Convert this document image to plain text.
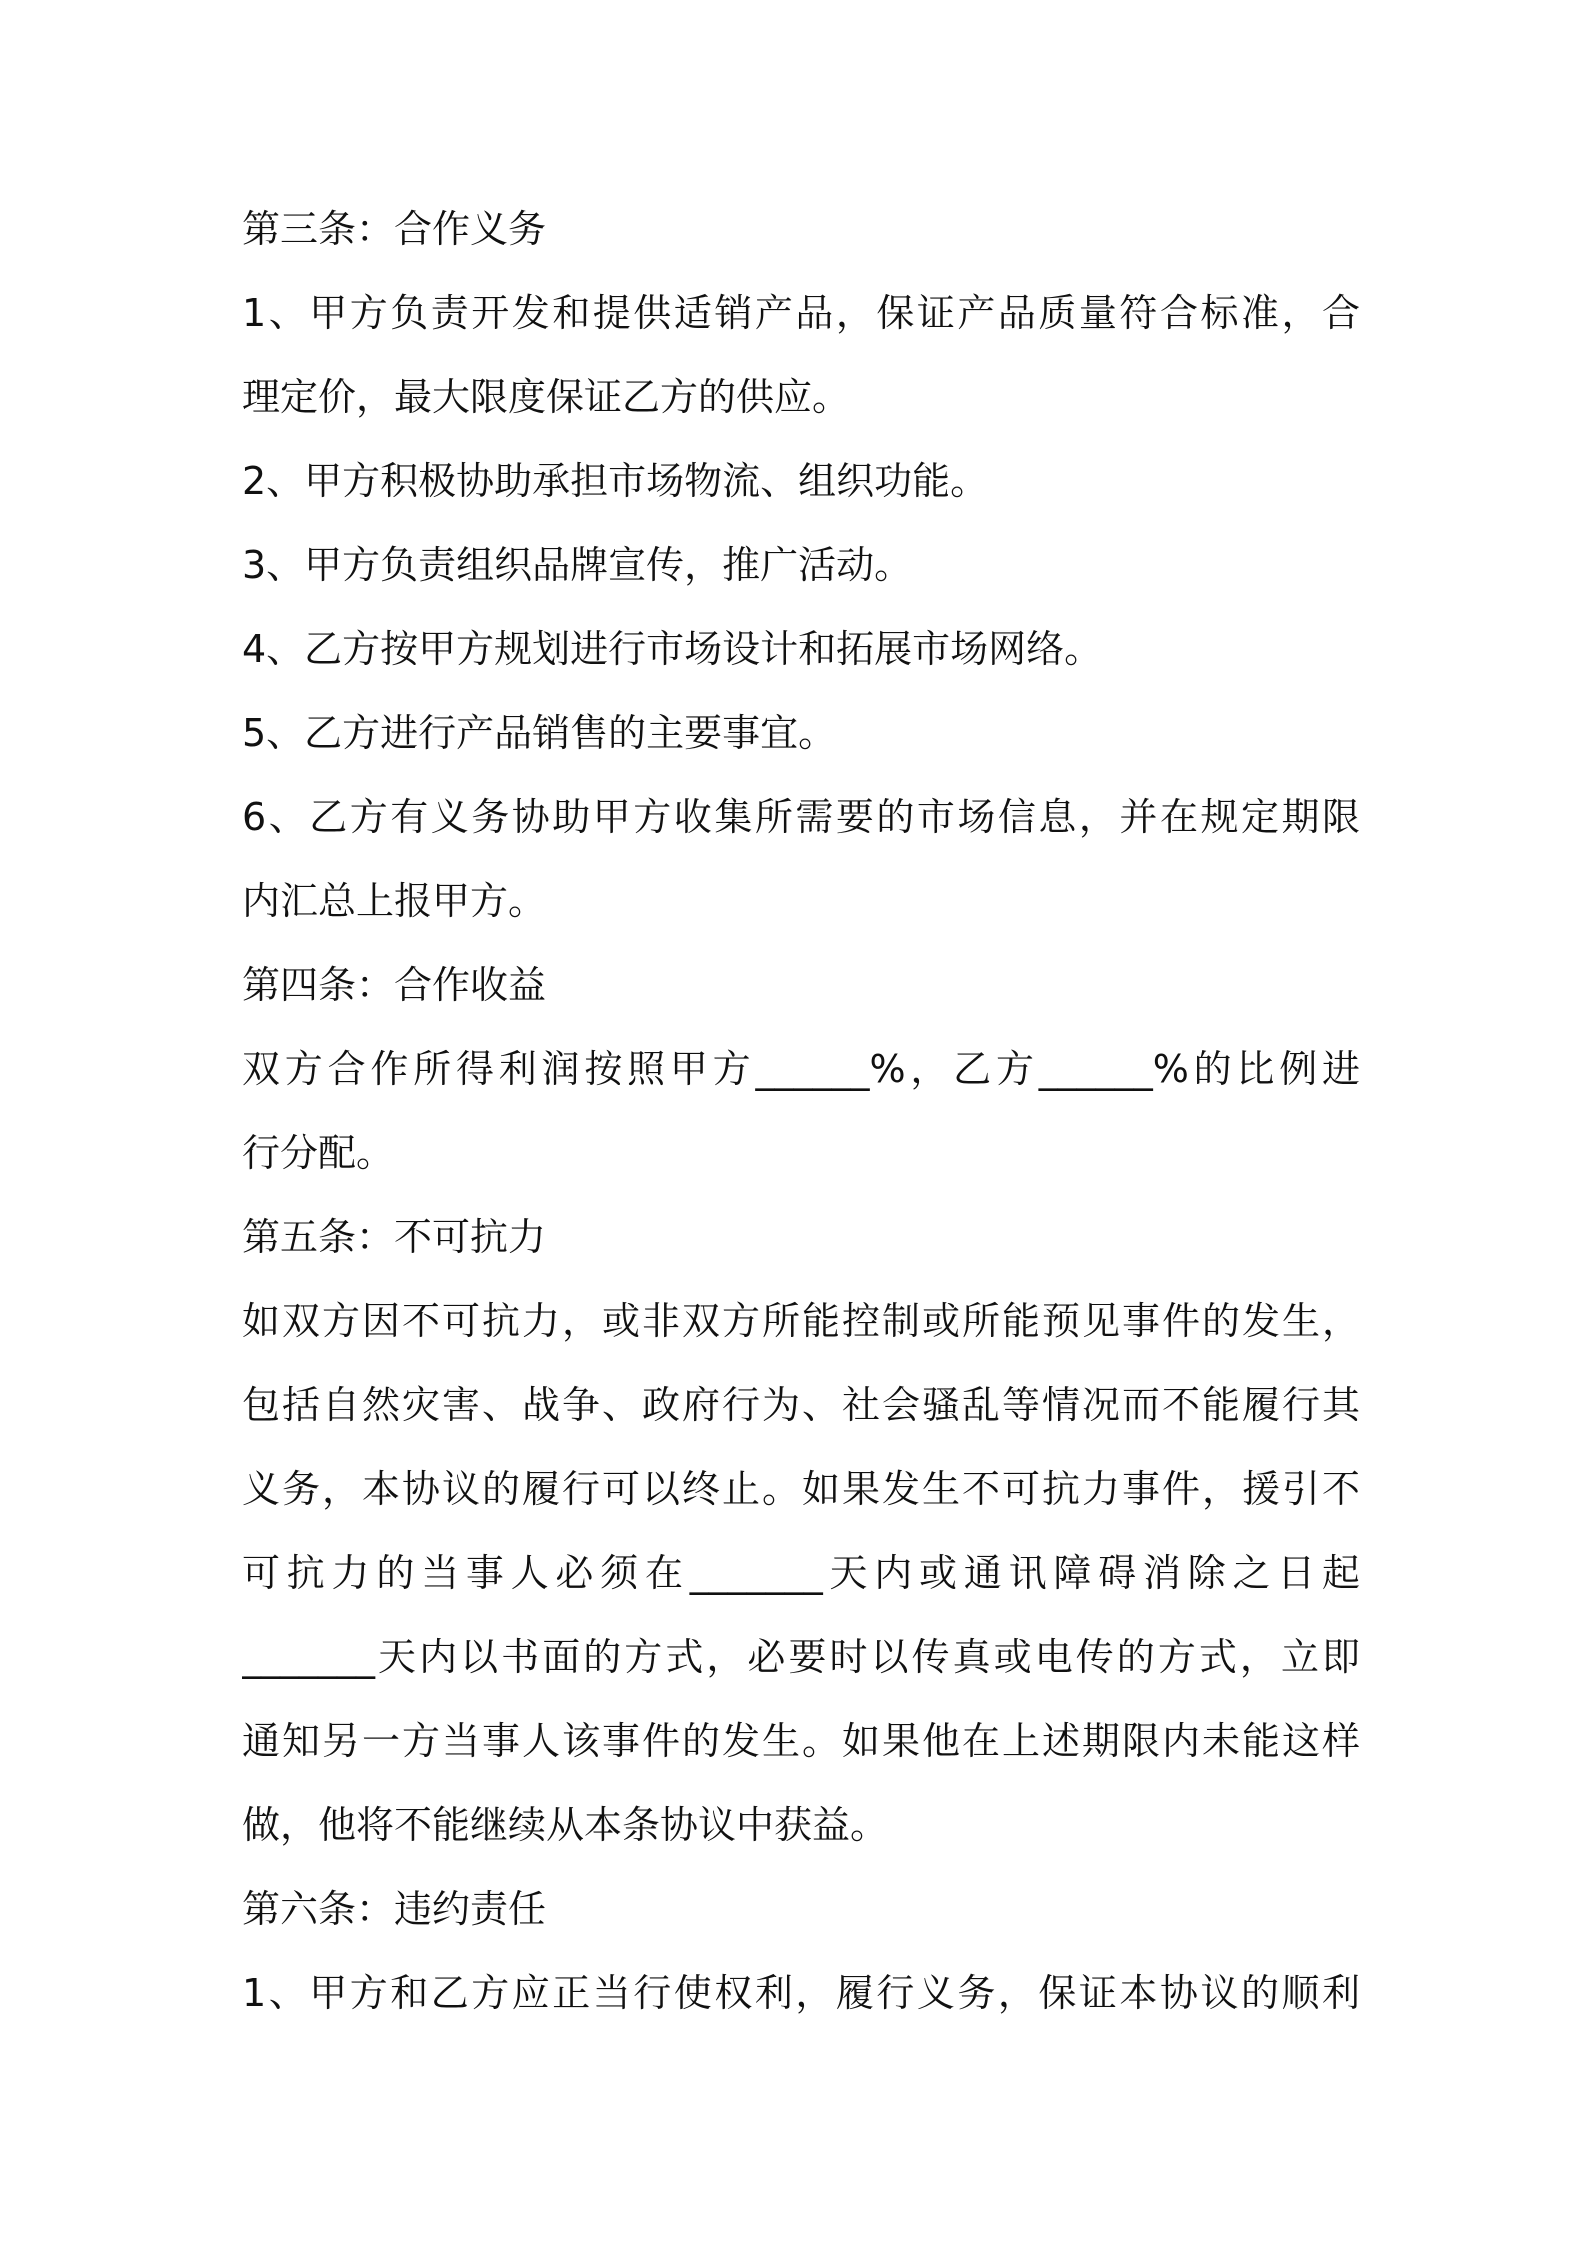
第三条：合作义务
1、甲方负责开发和提供适销产品，保证产品质量符合标准，合
理定价，最大限度保证乙方的供应。
2、甲方积极协助承担市场物流、组织功能。
3、甲方负责组织品牌宣传，推广活动。
4、乙方按甲方规划进行市场设计和拓展市场网络。
5、乙方进行产品销售的主要事宜。
6、乙方有义务协助甲方收集所需要的市场信息，并在规定期限
内汇总上报甲方。
第四条：合作收益
双方合作所得利润按照甲方______%，乙方______%的比例进
行分配。
第五条：不可抗力
如双方因不可抗力，或非双方所能控制或所能预见事件的发生，
包括自然灾害、战争、政府行为、社会骚乱等情况而不能履行其
义务，本协议的履行可以终止。如果发生不可抗力事件，援引不
可抗力的当事人必须在_______天内或通讯障碍消除之日起
_______天内以书面的方式，必要时以传真或电传的方式，立即
通知另一方当事人该事件的发生。如果他在上述期限内未能这样
做，他将不能继续从本条协议中获益。
第六条：违约责任
1、甲方和乙方应正当行使权利，履行义务，保证本协议的顺利
